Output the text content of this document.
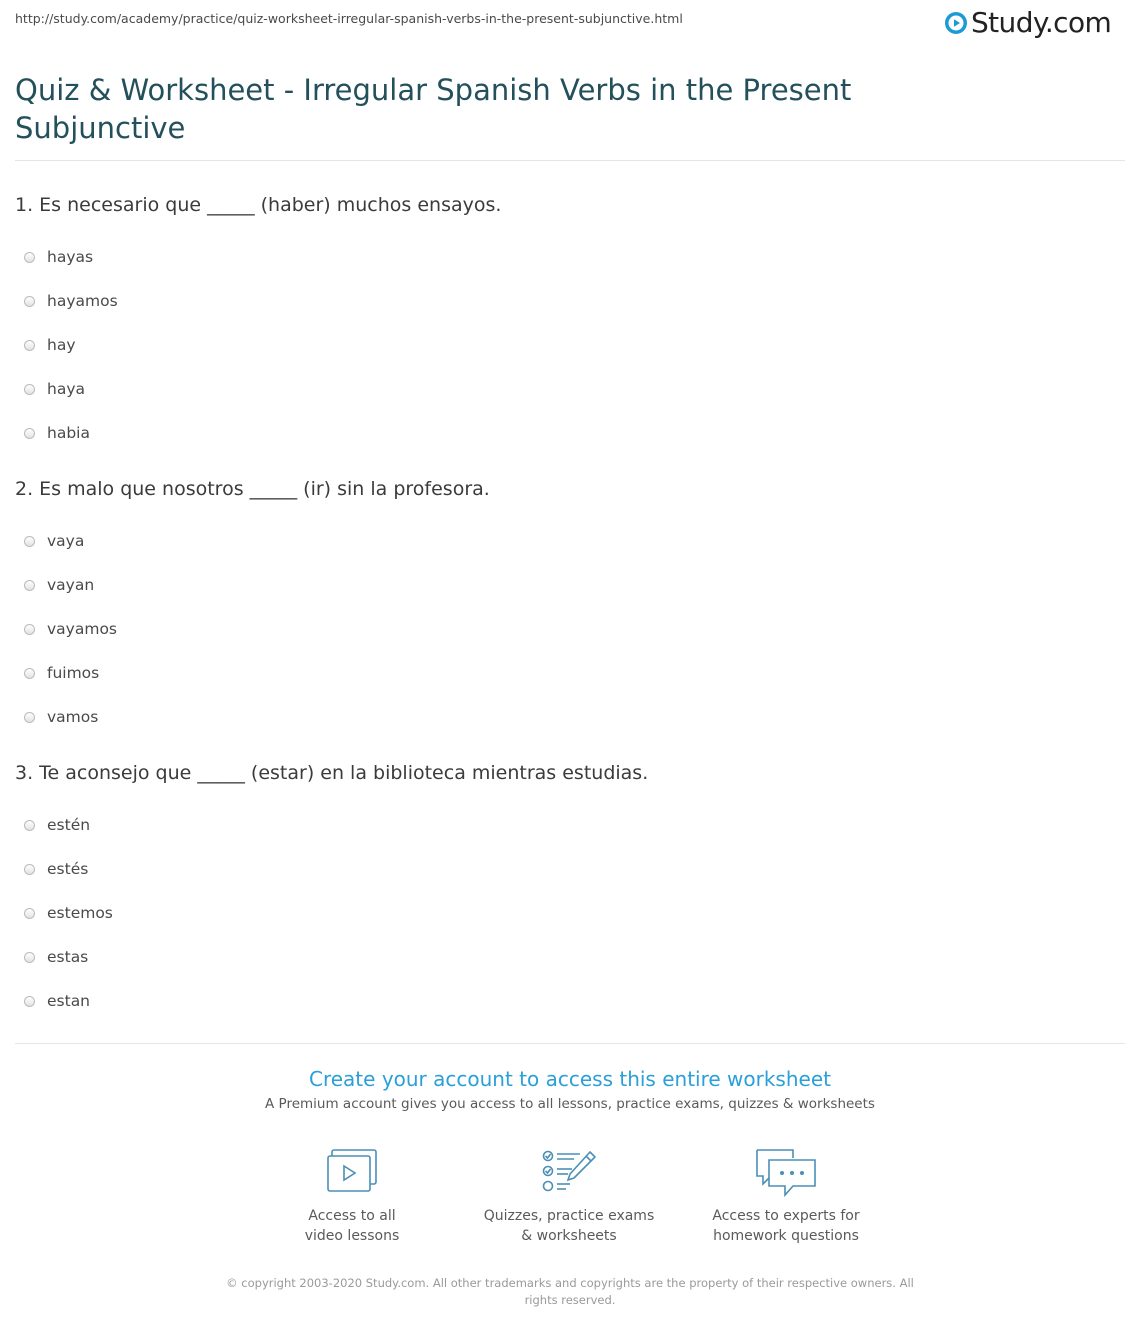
http://study.com/academy/practice/quiz-worksheet-irregular-spanish-verbs-in-the-present-subjunctive.html	Study.com
Quiz & Worksheet - Irregular Spanish Verbs in the Present Subjunctive
1. Es necesario que _____ (haber) muchos ensayos.
hayas
hayamos
hay
haya
habia
2. Es malo que nosotros _____ (ir) sin la profesora.
vaya
vayan
vayamos
fuimos
vamos
3. Te aconsejo que _____ (estar) en la biblioteca mientras estudias.
estén
estés
estemos
estas
estan
Create your account to access this entire worksheet
A Premium account gives you access to all lessons, practice exams, quizzes & worksheets
Access to all
video lessons
Quizzes, practice exams
& worksheets
Access to experts for
homework questions
© copyright 2003-2020 Study.com. All other trademarks and copyrights are the property of their respective owners. All rights reserved.
